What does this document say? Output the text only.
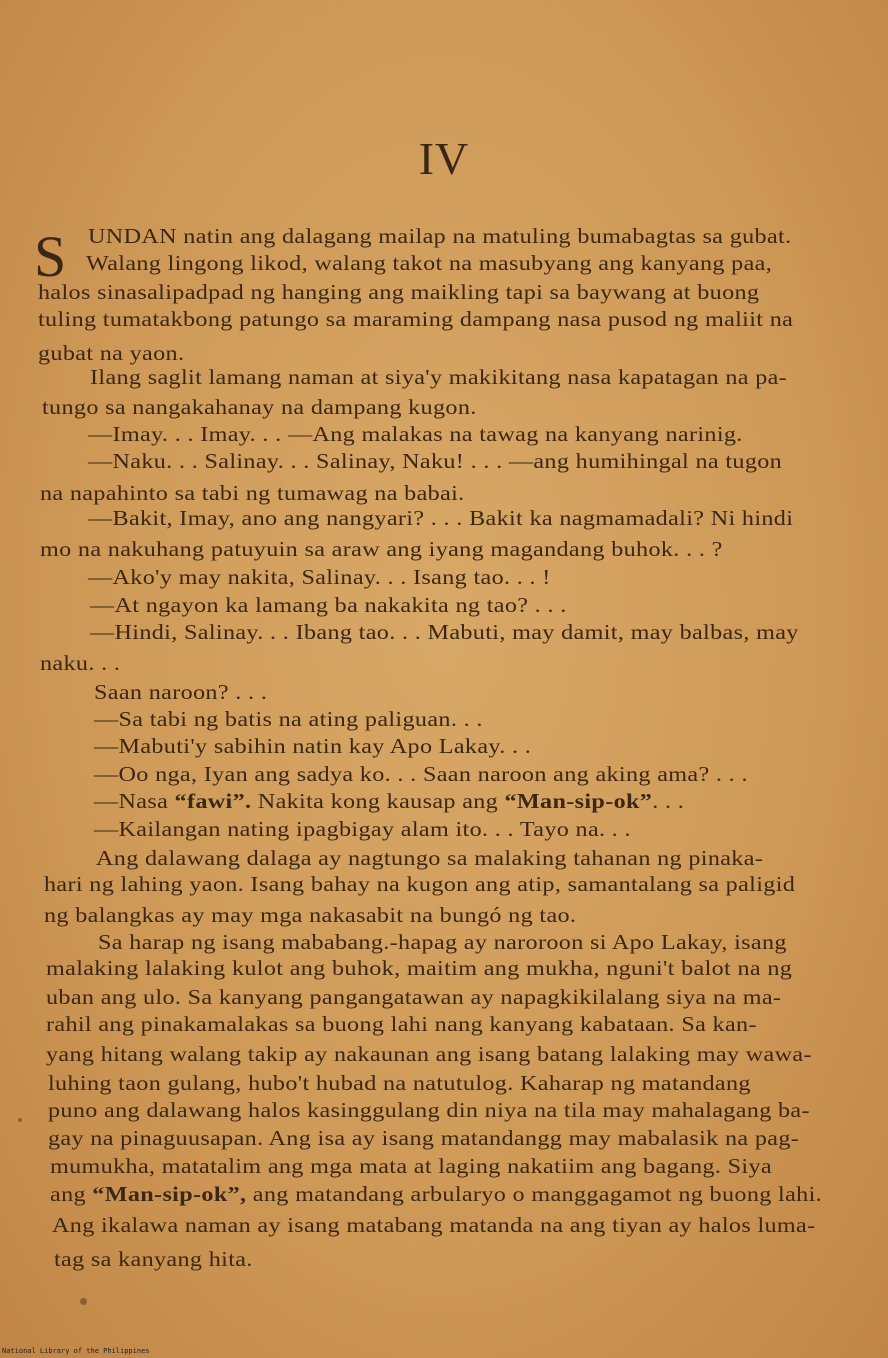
IV
S UNDAN natin ang dalagang mailap na matuling bumabagtas sa gubat.
Walang lingong likod, walang takot na masubyang ang kanyang paa,
halos sinasalipadpad ng hanging ang maikling tapi sa baywang at buong
tuling tumatakbong patungo sa maraming dampang nasa pusod ng maliit na
gubat na yaon.
Ilang saglit lamang naman at siya'y makikitang nasa kapatagan na pa-
tungo sa nangakahanay na dampang kugon.
—Imay. . . Imay. . . —Ang malakas na tawag na kanyang narinig.
—Naku. . . Salinay. . . Salinay, Naku! . . . —ang humihingal na tugon
na napahinto sa tabi ng tumawag na babai.
—Bakit, Imay, ano ang nangyari? . . . Bakit ka nagmamadali? Ni hindi
mo na nakuhang patuyuin sa araw ang iyang magandang buhok. . . ?
—Ako'y may nakita, Salinay. . . Isang tao. . . !
—At ngayon ka lamang ba nakakita ng tao? . . .
—Hindi, Salinay. . . Ibang tao. . . Mabuti, may damit, may balbas, may
naku. . .
Saan naroon? . . .
—Sa tabi ng batis na ating paliguan. . .
—Mabuti'y sabihin natin kay Apo Lakay. . .
—Oo nga, Iyan ang sadya ko. . . Saan naroon ang aking ama? . . .
—Nasa “fawi”. Nakita kong kausap ang “Man-sip-ok”. . .
—Kailangan nating ipagbigay alam ito. . . Tayo na. . .
Ang dalawang dalaga ay nagtungo sa malaking tahanan ng pinaka-
hari ng lahing yaon. Isang bahay na kugon ang atip, samantalang sa paligid
ng balangkas ay may mga nakasabit na bungó ng tao.
Sa harap ng isang mababang.-hapag ay naroroon si Apo Lakay, isang
malaking lalaking kulot ang buhok, maitim ang mukha, nguni't balot na ng
uban ang ulo. Sa kanyang pangangatawan ay napagkikilalang siya na ma-
rahil ang pinakamalakas sa buong lahi nang kanyang kabataan. Sa kan-
yang hitang walang takip ay nakaunan ang isang batang lalaking may wawa-
luhing taon gulang, hubo't hubad na natutulog. Kaharap ng matandang
puno ang dalawang halos kasinggulang din niya na tila may mahalagang ba-
gay na pinaguusapan. Ang isa ay isang matandangg may mabalasik na pag-
mumukha, matatalim ang mga mata at laging nakatiim ang bagang. Siya
ang “Man-sip-ok”, ang matandang arbularyo o manggagamot ng buong lahi.
Ang ikalawa naman ay isang matabang matanda na ang tiyan ay halos luma-
tag sa kanyang hita.
National Library of the Philippines
